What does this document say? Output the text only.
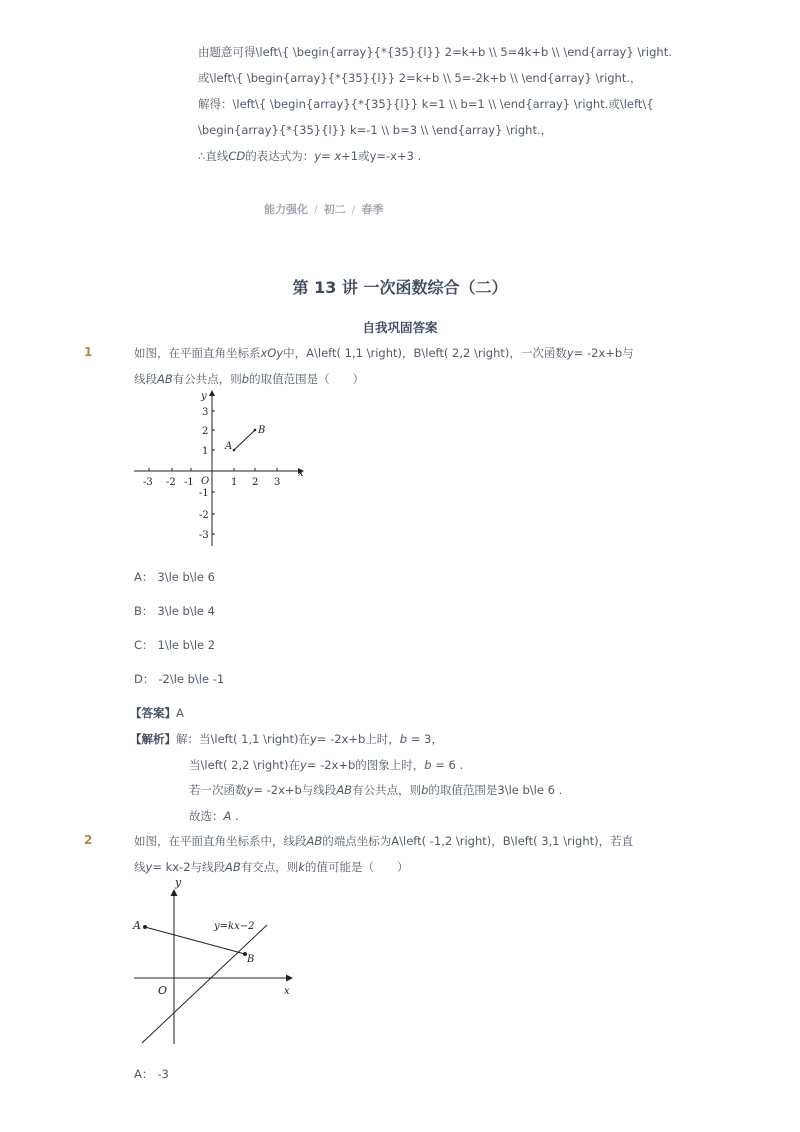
由题意可得\left\{ \begin{array}{*{35}{l}} 2=k+b \\ 5=4k+b \\ \end{array} \right.
或\left\{ \begin{array}{*{35}{l}} 2=k+b \\ 5=-2k+b \\ \end{array} \right.，
解得：\left\{ \begin{array}{*{35}{l}} k=1 \\ b=1 \\ \end{array} \right.或\left\{
\begin{array}{*{35}{l}} k=-1 \\ b=3 \\ \end{array} \right.，
∴直线CD的表达式为：y= x+1或y=-x+3 .
能力强化 / 初二 / 春季
第 13 讲 一次函数综合（二）
自我巩固答案
1	如图，在平面直角坐标系xOy中，A\left( 1,1 \right)，B\left( 2,2 \right)，一次函数y= -2x+b与
线段AB有公共点，则b的取值范围是（　　）
y
x
O
-3 -2 -1	1 2 3
3
2
1
-1
-2
-3
A
B
A： 3\le b\le 6
B： 3\le b\le 4
C： 1\le b\le 2
D： -2\le b\le -1
【答案】A
【解析】解：当\left( 1,1 \right)在y= -2x+b上时，b = 3，
当\left( 2,2 \right)在y= -2x+b的图象上时，b = 6 .
若一次函数y= -2x+b与线段AB有公共点，则b的取值范围是3\le b\le 6 .
故选：A .
2	如图，在平面直角坐标系中，线段AB的端点坐标为A\left( -1,2 \right)，B\left( 3,1 \right)，若直
线y= kx-2与线段AB有交点，则k的值可能是（　　）
y
x
O
A
B
y=kx−2
A： -3
